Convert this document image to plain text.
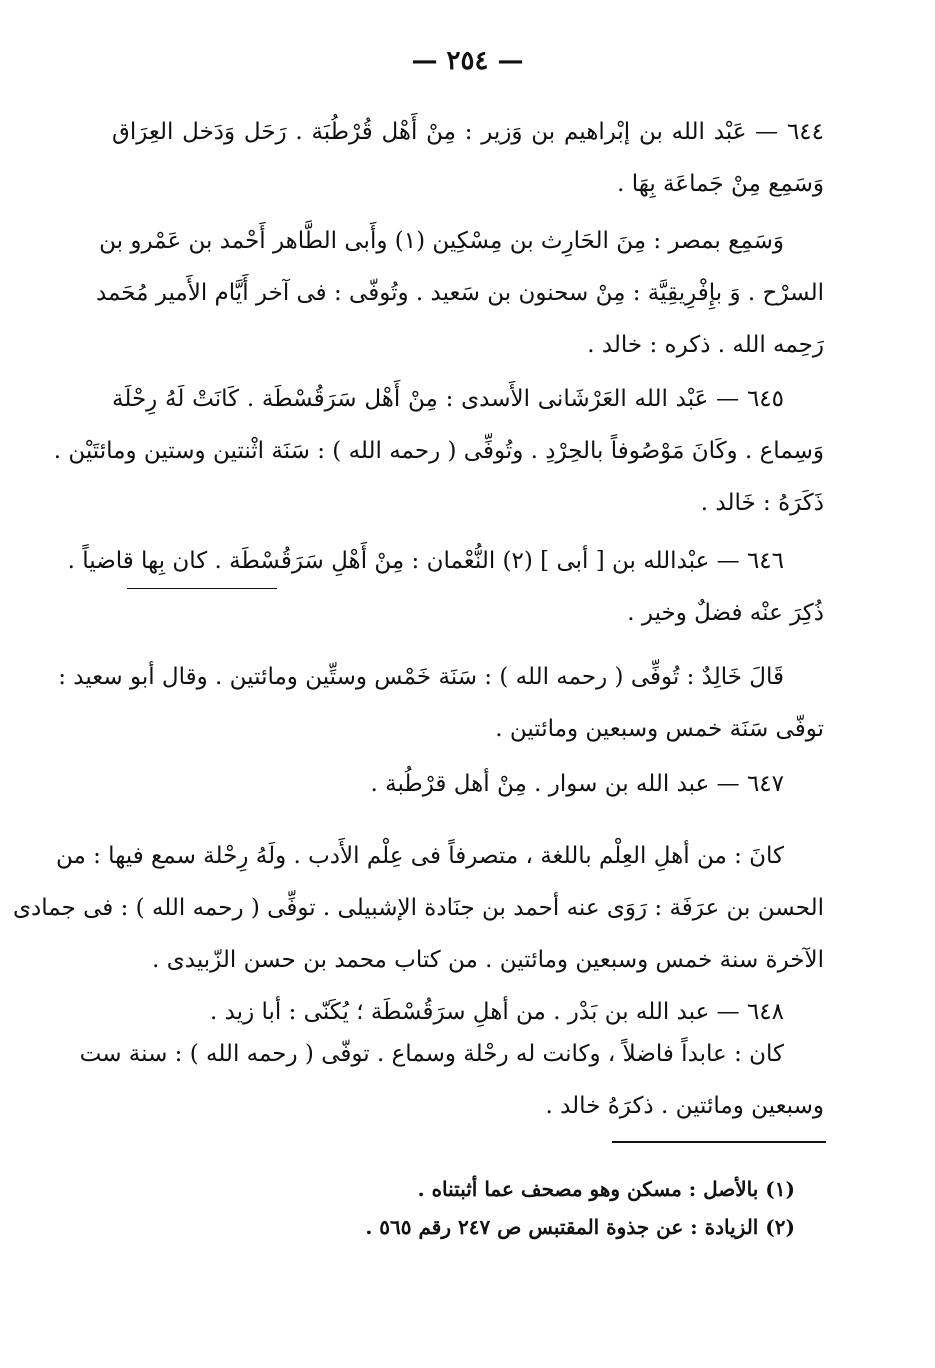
— ٢٥٤ —
٦٤٤ — عَبْد الله بن إبْراهيم بن وَزير : مِنْ أَهْل قُرْطُبَة . رَحَل وَدَخل العِرَاق
وَسَمِع مِنْ جَماعَة بِهَا .
وَسَمِع بمصر : مِنَ الحَارِث بن مِسْكِين (١) وأَبى الطَّاهر أَحْمد بن عَمْرو بن
السرْح . وَ بإِفْرِيقِيَّة : مِنْ سحنون بن سَعيد . وتُوفّى : فى آخر أَيَّام الأَمير مُحَمد
رَحِمه الله . ذكره : خالد .
٦٤٥ — عَبْد الله العَرْشَانى الأَسدى : مِنْ أَهْل سَرَقُسْطَة . كَانَتْ لَهُ رِحْلَة
وَسِماع . وكَانَ مَوْصُوفاً بالحِرْدِ . وتُوفِّى ( رحمه الله ) : سَنَة اثْنتين وستين ومائتَيْن .
ذَكَرَهُ : خَالد .
٦٤٦ — عبْدالله بن [ أبى ] (٢) النُّعْمان : مِنْ أَهْلِ سَرَقُسْطَة . كان بِها قاضياً .
ذُكِرَ عنْه فضلٌ وخير .
قَالَ خَالِدٌ : تُوفِّى ( رحمه الله ) : سَنَة خَمْس وستِّين ومائتين . وقال أبو سعيد :
توفّى سَنَة خمس وسبعين ومائتين .
٦٤٧ — عبد الله بن سوار . مِنْ أهل قرْطُبة .
كانَ : من أهلِ العِلْم باللغة ، متصرفاً فى عِلْم الأَدب . ولَهُ رِحْلة سمع فيها : من
الحسن بن عرَفَة : رَوَى عنه أحمد بن جنَادة الإشبيلى . توفِّى ( رحمه الله ) : فى جمادى
الآخرة سنة خمس وسبعين ومائتين . من كتاب محمد بن حسن الزّبيدى .
٦٤٨ — عبد الله بن بَدْر . من أهلِ سرَقُسْطَة ؛ يُكَنّى : أبا زيد .
كان : عابداً فاضلاً ، وكانت له رحْلة وسماع . توفّى ( رحمه الله ) : سنة ست
وسبعين ومائتين . ذكرَهُ خالد .
(١) بالأصل : مسكن وهو مصحف عما أثبتناه .
(٢) الزيادة : عن جذوة المقتبس ص ٢٤٧ رقم ٥٦٥ .
